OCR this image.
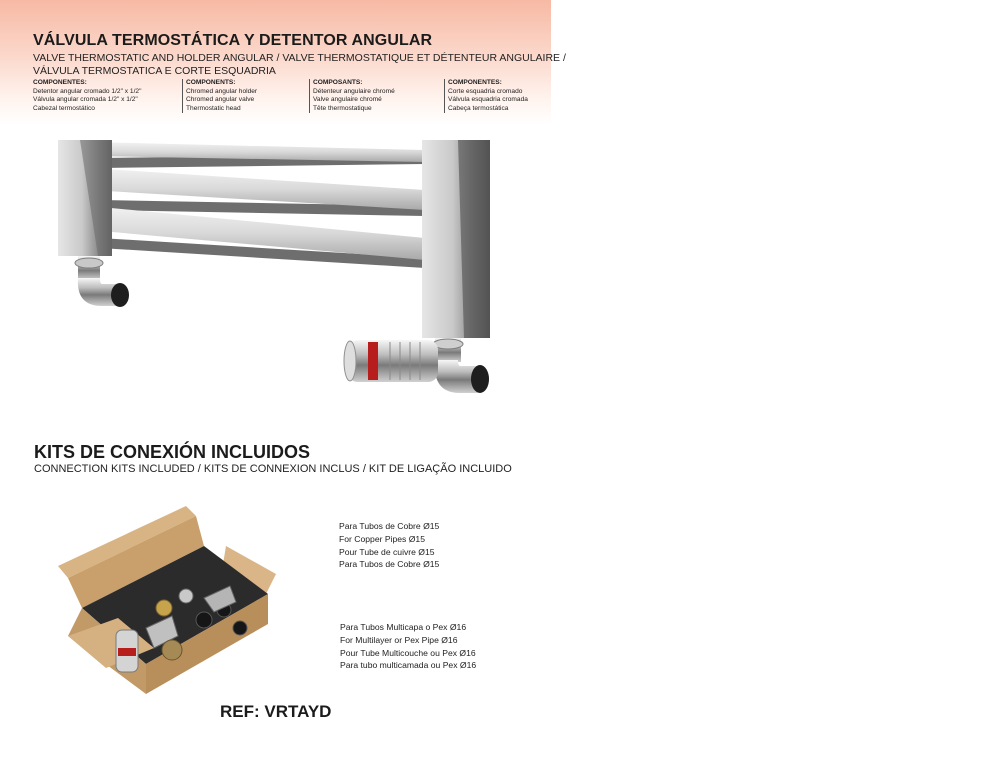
VÁLVULA TERMOSTÁTICA Y DETENTOR ANGULAR
VALVE THERMOSTATIC AND HOLDER ANGULAR / VALVE THERMOSTATIQUE ET DÉTENTEUR ANGULAIRE /
VÁLVULA TERMOSTATICA E CORTE ESQUADRIA
COMPONENTES:
Detentor angular cromado 1/2" x 1/2"
Válvula angular cromada 1/2" x 1/2"
Cabezal termostático
COMPONENTS:
Chromed angular holder
Chromed angular valve
Thermostatic head
COMPOSANTS:
Détenteur angulaire chromé
Valve angulaire chromé
Tête thermostatique
COMPONENTES:
Corte esquadria cromado
Válvula esquadria cromada
Cabeça termostática
KITS DE CONEXIÓN INCLUIDOS
CONNECTION KITS INCLUDED / KITS DE CONNEXION INCLUS / KIT DE LIGAÇÃO INCLUIDO
Para Tubos de Cobre Ø15
For Copper Pipes Ø15
Pour Tube de cuivre Ø15
Para Tubos de Cobre Ø15
Para Tubos Multicapa o Pex Ø16
For Multilayer or Pex Pipe Ø16
Pour Tube Multicouche ou Pex Ø16
Para tubo multicamada ou Pex Ø16
REF: VRTAYD
